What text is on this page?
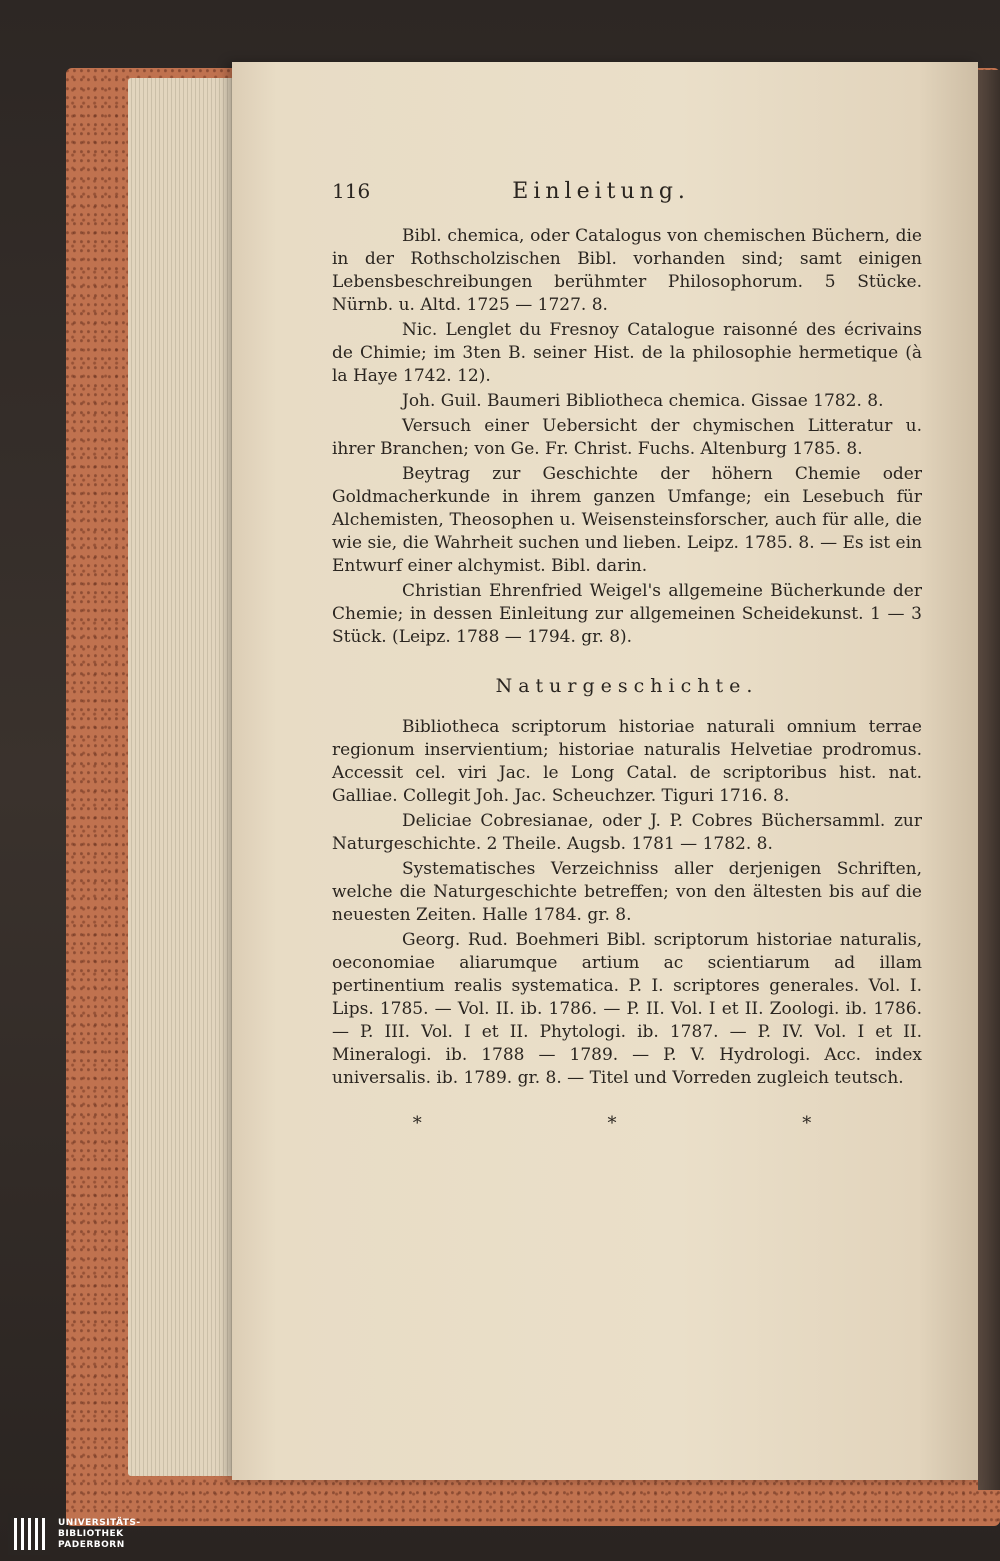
116	Einleitung.

Bibl. chemica, oder Catalogus von chemischen Büchern, die in der Rothscholzischen Bibl. vorhanden sind; samt einigen Lebensbeschreibungen berühmter Philosophorum. 5 Stücke. Nürnb. u. Altd. 1725 — 1727. 8.

Nic. Lenglet du Fresnoy Catalogue raisonné des écrivains de Chimie; im 3ten B. seiner Hist. de la philosophie hermetique (à la Haye 1742. 12).

Joh. Guil. Baumeri Bibliotheca chemica. Gissae 1782. 8.

Versuch einer Uebersicht der chymischen Litteratur u. ihrer Branchen; von Ge. Fr. Christ. Fuchs. Altenburg 1785. 8.

Beytrag zur Geschichte der höhern Chemie oder Goldmacherkunde in ihrem ganzen Umfange; ein Lesebuch für Alchemisten, Theosophen u. Weisensteinsforscher, auch für alle, die wie sie, die Wahrheit suchen und lieben. Leipz. 1785. 8. — Es ist ein Entwurf einer alchymist. Bibl. darin.

Christian Ehrenfried Weigel's allgemeine Bücherkunde der Chemie; in dessen Einleitung zur allgemeinen Scheidekunst. 1 — 3 Stück. (Leipz. 1788 — 1794. gr. 8).

Naturgeschichte.

Bibliotheca scriptorum historiae naturali omnium terrae regionum inservientium; historiae naturalis Helvetiae prodromus. Accessit cel. viri Jac. le Long Catal. de scriptoribus hist. nat. Galliae. Collegit Joh. Jac. Scheuchzer. Tiguri 1716. 8.

Deliciae Cobresianae, oder J. P. Cobres Büchersamml. zur Naturgeschichte. 2 Theile. Augsb. 1781 — 1782. 8.

Systematisches Verzeichniss aller derjenigen Schriften, welche die Naturgeschichte betreffen; von den ältesten bis auf die neuesten Zeiten. Halle 1784. gr. 8.

Georg. Rud. Boehmeri Bibl. scriptorum historiae naturalis, oeconomiae aliarumque artium ac scientiarum ad illam pertinentium realis systematica. P. I. scriptores generales. Vol. I. Lips. 1785. — Vol. II. ib. 1786. — P. II. Vol. I et II. Zoologi. ib. 1786. — P. III. Vol. I et II. Phytologi. ib. 1787. — P. IV. Vol. I et II. Mineralogi. ib. 1788 — 1789. — P. V. Hydrologi. Acc. index universalis. ib. 1789. gr. 8. — Titel und Vorreden zugleich teutsch.

* * *
UNIVERSITÄTS-
BIBLIOTHEK
PADERBORN
